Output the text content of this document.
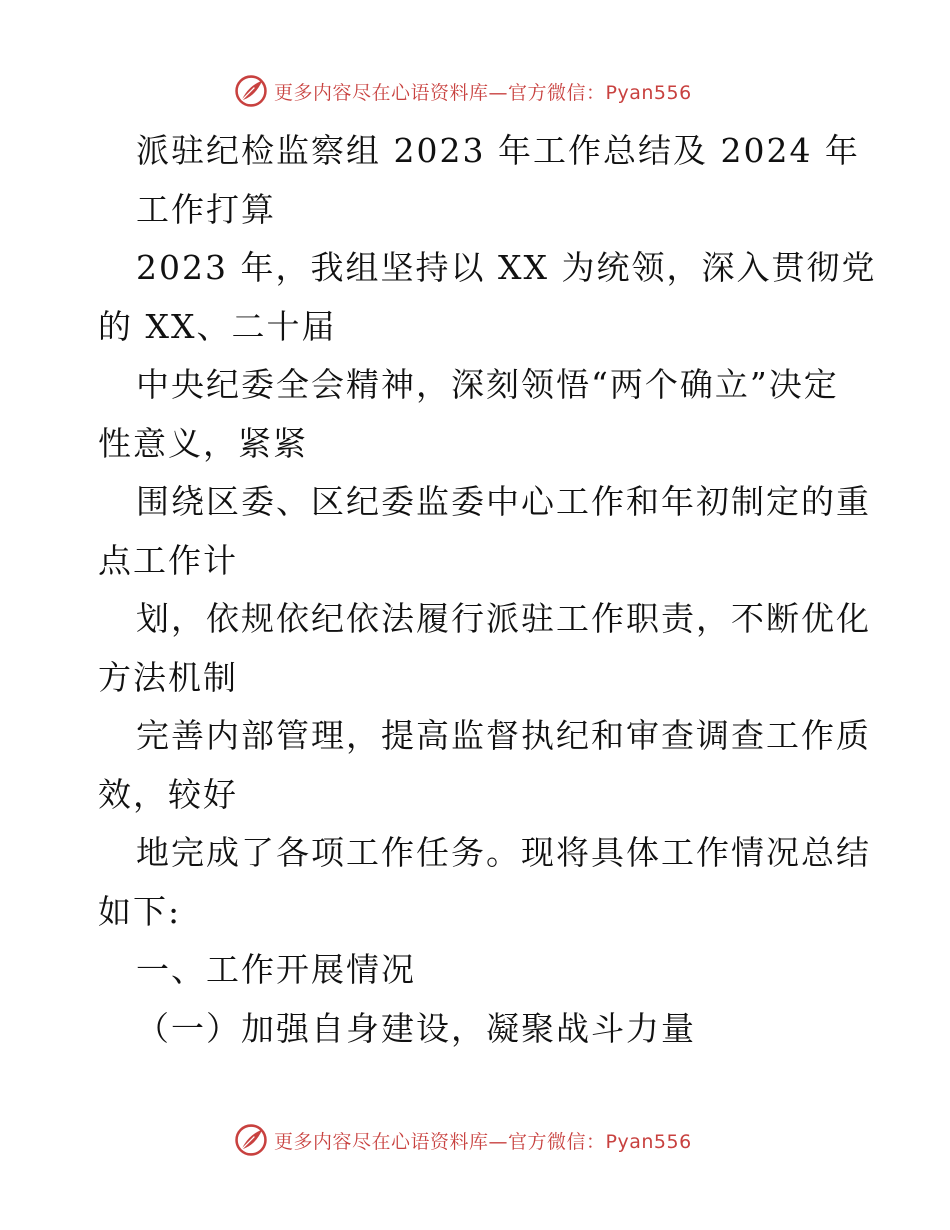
更多内容尽在心语资料库—官方微信：Pyan556
派驻纪检监察组 2023 年工作总结及 2024 年
工作打算
2023 年，我组坚持以 XX 为统领，深入贯彻党
的 XX、二十届
中央纪委全会精神，深刻领悟“两个确立”决定
性意义，紧紧
围绕区委、区纪委监委中心工作和年初制定的重
点工作计
划，依规依纪依法履行派驻工作职责，不断优化
方法机制
完善内部管理，提高监督执纪和审查调查工作质
效，较好
地完成了各项工作任务。现将具体工作情况总结
如下:
一、工作开展情况
（一）加强自身建设，凝聚战斗力量
更多内容尽在心语资料库—官方微信：Pyan556
